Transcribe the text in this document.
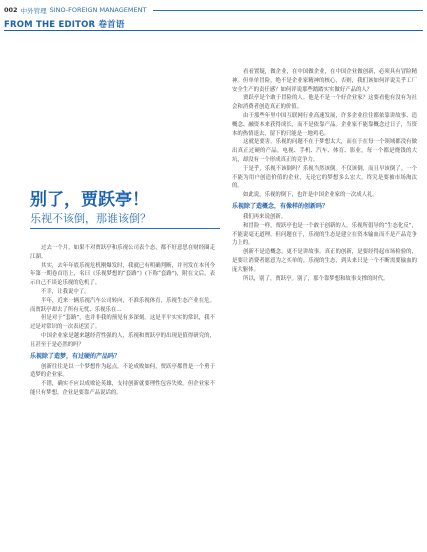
002 中外管理 SINO-FOREIGN MANAGEMENT
FROM THE EDITOR 卷首语
别了，贾跃亭！
乐视不该倒，那谁该倒？

过去一个月，如果不对贾跃亭和乐视公司表个态，都不好意思在财经圈走江湖。

其实，去年年底乐视危机刚爆发时，我就已有明确判断，并刊发在本刊今年第一期卷首语上，名曰《乐视梦想的“套路”》(下称“套路”)，附在文后，表示自己不谈论乐视的危机了。

不幸，让我说中了。

半年，近来一辆乐视汽车公司转向，不准乐视体育，乐视生态产业在危。而贾跃亭却去了所有无忧、乐视乐在…

但是对于“套路”，也并非我的预见有多深刻。这是平平实实的常识，我不过是对常识的一次表述罢了。

中国企业家是越来越经营性强的人，乐视和贾跃亭的出现是值得研究的，且甚至于是必然的吗？

乐视除了造梦，有过硬的产品吗？

创新往往是以一个梦想作为起点，不论成败如何，贾跃亭都曾是一个勇于造梦的企业家。

不错，确实不应以成败论英雄，支持创新就要理性包容失败。但企业家不能只有梦想，企业是要靠产品说话的。

看看置疑，做企业，在中国做企业，在中国企业做创新，必须具有冒险精神。但单单冒险，绝不是企业家精神的核心，否则，我们该如何评说关乎工厂安全生产的责任感？如何评说那些踏踏实实做好产品的人？

贾跃亭是个敢于冒险的人。他是不是一个好企业家？这要看他有没有为社会和消费者创造真正的价值。

由于那些年里中国互联网行业高速发展，许多企业往往都依靠讲故事、造概念、融资本来获得成长，而不是依靠产品。企业家不能靠概念过日子，当资本的热情退去，留下的只能是一地鸡毛。

这就是要害。乐视的问题不在于梦想太大，而在于在每一个领域都没有做出真正过硬的产品。电视、手机、汽车、体育、影业，每一个都是烧钱的大坑，却没有一个形成真正的竞争力。

于是乎，乐视不该倒吗？乐视当然该倒。不仅该倒，而且早该倒了。一个不能为用户创造价值的企业，无论它的梦想多么宏大，终究是要被市场淘汰的。

如此说，乐视的倒下，也许是中国企业家的一次成人礼。

乐视除了造概念，有像样的创新吗？

我们再来说创新。

和冒险一样，贾跃亭也是一个敢于创新的人。乐视所倡导的“生态化反”，不能说毫无道理，但问题在于，乐视的生态是建立在资本输血而不是产品竞争力上的。

创新不是造概念，更不是讲故事。真正的创新，是要经得起市场检验的，是要让消费者愿意为之买单的。乐视的生态，到头来只是一个不断需要输血的庞大躯体。

所以，别了，贾跃亭。别了，那个靠梦想和故事支撑的时代。
